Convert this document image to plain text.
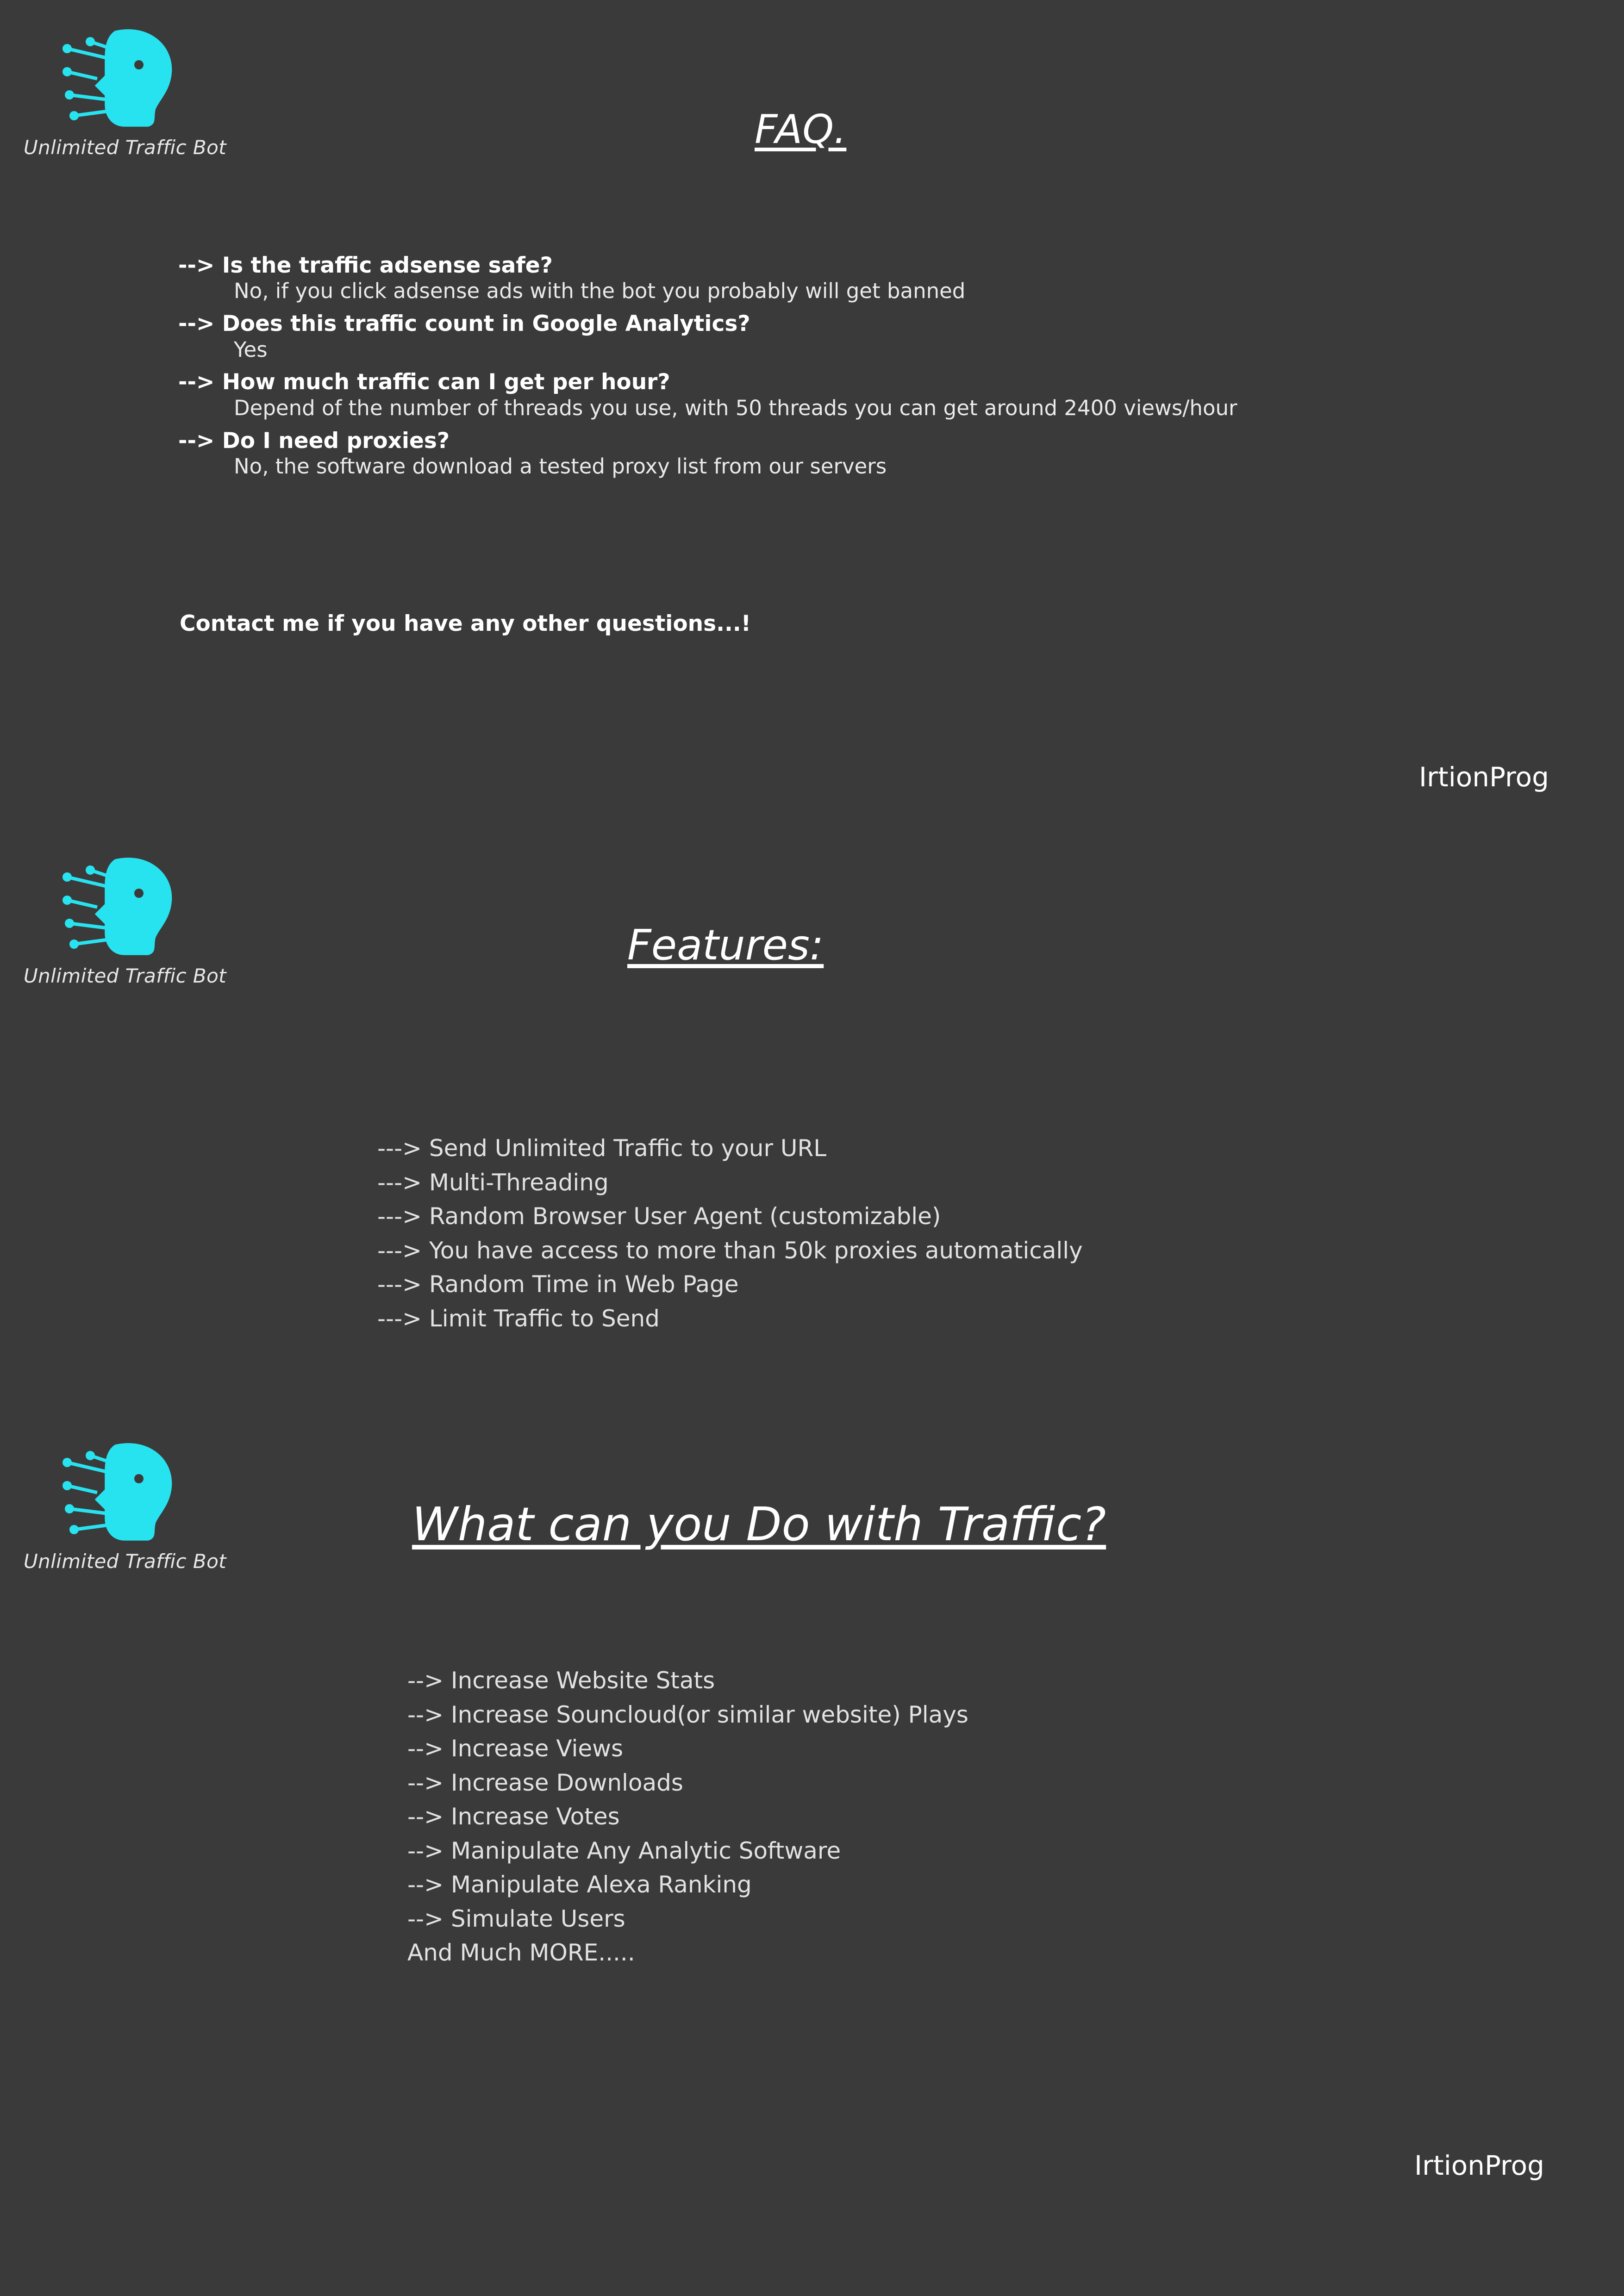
Unlimited Traffic Bot	FAQ.
--> Is the traffic adsense safe?
No, if you click adsense ads with the bot you probably will get banned
--> Does this traffic count in Google Analytics?
Yes
--> How much traffic can I get per hour?
Depend of the number of threads you use, with 50 threads you can get around 2400 views/hour
--> Do I need proxies?
No, the software download a tested proxy list from our servers
Contact me if you have any other questions...!
IrtionProg
Unlimited Traffic Bot
Features:
---> Send Unlimited Traffic to your URL
---> Multi-Threading
---> Random Browser User Agent (customizable)
---> You have access to more than 50k proxies automatically
---> Random Time in Web Page
---> Limit Traffic to Send
Unlimited Traffic Bot
What can you Do with Traffic?
--> Increase Website Stats
--> Increase Souncloud(or similar website) Plays
--> Increase Views
--> Increase Downloads
--> Increase Votes
--> Manipulate Any Analytic Software
--> Manipulate Alexa Ranking
--> Simulate Users
And Much MORE.....
IrtionProg
